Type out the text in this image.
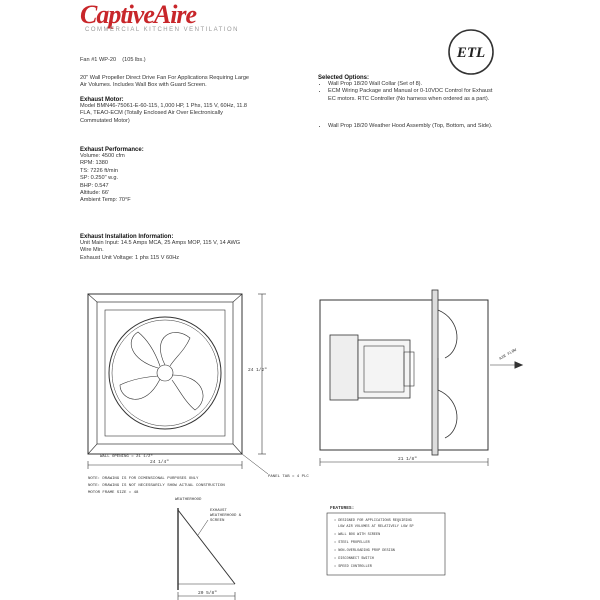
CaptiveAire
COMMERCIAL KITCHEN VENTILATION
ETL
Fan #1 WP-20 (105 lbs.)
20" Wall Propeller Direct Drive Fan For Applications Requiring Large
Air Volumes. Includes Wall Box with Guard Screen.
Exhaust Motor:
Model BMN46-75061-E-60-115, 1,000 HP, 1 Phs, 115 V, 60Hz, 11.8
FLA, TEAO-ECM (Totally Enclosed Air Over Electronically
Commutated Motor)
Exhaust Performance:
Volume: 4500 cfm
RPM: 1380
TS: 7226 ft/min
SP: 0.250" w.g.
BHP: 0.547
Altitude: 66'
Ambient Temp: 70°F
Exhaust Installation Information:
Unit Main Input: 14.5 Amps MCA, 25 Amps MOP, 115 V, 14 AWG
Wire Min.
Exhaust Unit Voltage: 1 phs 115 V 60Hz
Selected Options:
• Wall Prop 18/20 Wall Collar (Set of 8).
• ECM Wiring Package and Manual or 0-10VDC Control for Exhaust
EC motors. RTC Controller (No harness when ordered as a part).
• Wall Prop 18/20 Weather Hood Assembly (Top, Bottom, and Side).
24 1/2"
WALL OPENING = 21 1/2"
24 1/4"
PANEL TAB = 4 PLC
NOTE: DRAWING IS FOR DIMENSIONAL PURPOSES ONLY
NOTE: DRAWING IS NOT NECESSARILY SHOW ACTUAL CONSTRUCTION
MOTOR FRAME SIZE = 48
21 1/8"
AIR FLOW
WEATHERHOOD
EXHAUST
WEATHERHOOD &
SCREEN
20 5/8"
FEATURES:
• DESIGNED FOR APPLICATIONS REQUIRING
LOW AIR VOLUMES AT RELATIVELY LOW SP
• WALL BOX WITH SCREEN
• STEEL PROPELLER
• NON-OVERLOADING PROP DESIGN
• DISCONNECT SWITCH
• SPEED CONTROLLER
